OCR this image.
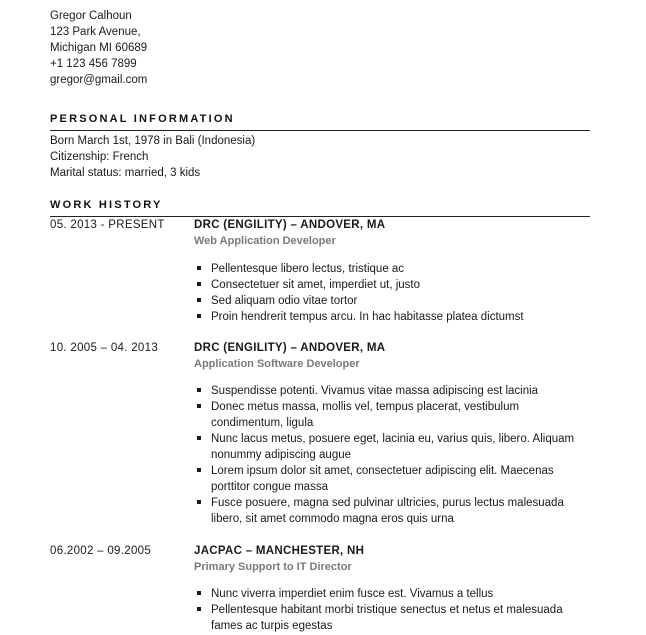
Gregor Calhoun
123 Park Avenue,
Michigan MI 60689
+1 123 456 7899
gregor@gmail.com
PERSONAL INFORMATION
Born March 1st, 1978 in Bali (Indonesia)
Citizenship: French
Marital status: married, 3 kids
WORK HISTORY
05. 2013 - PRESENT	DRC (ENGILITY) – ANDOVER, MA
Web Application Developer
Pellentesque libero lectus, tristique ac
Consectetuer sit amet, imperdiet ut, justo
Sed aliquam odio vitae tortor
Proin hendrerit tempus arcu. In hac habitasse platea dictumst
10. 2005 – 04. 2013	DRC (ENGILITY) – ANDOVER, MA
Application Software Developer
Suspendisse potenti. Vivamus vitae massa adipiscing est lacinia
Donec metus massa, mollis vel, tempus placerat, vestibulum condimentum, ligula
Nunc lacus metus, posuere eget, lacinia eu, varius quis, libero. Aliquam nonummy adipiscing augue
Lorem ipsum dolor sit amet, consectetuer adipiscing elit. Maecenas porttitor congue massa
Fusce posuere, magna sed pulvinar ultricies, purus lectus malesuada libero, sit amet commodo magna eros quis urna
06.2002 – 09.2005	JACPAC – MANCHESTER, NH
Primary Support to IT Director
Nunc viverra imperdiet enim fusce est. Vivamus a tellus
Pellentesque habitant morbi tristique senectus et netus et malesuada fames ac turpis egestas
